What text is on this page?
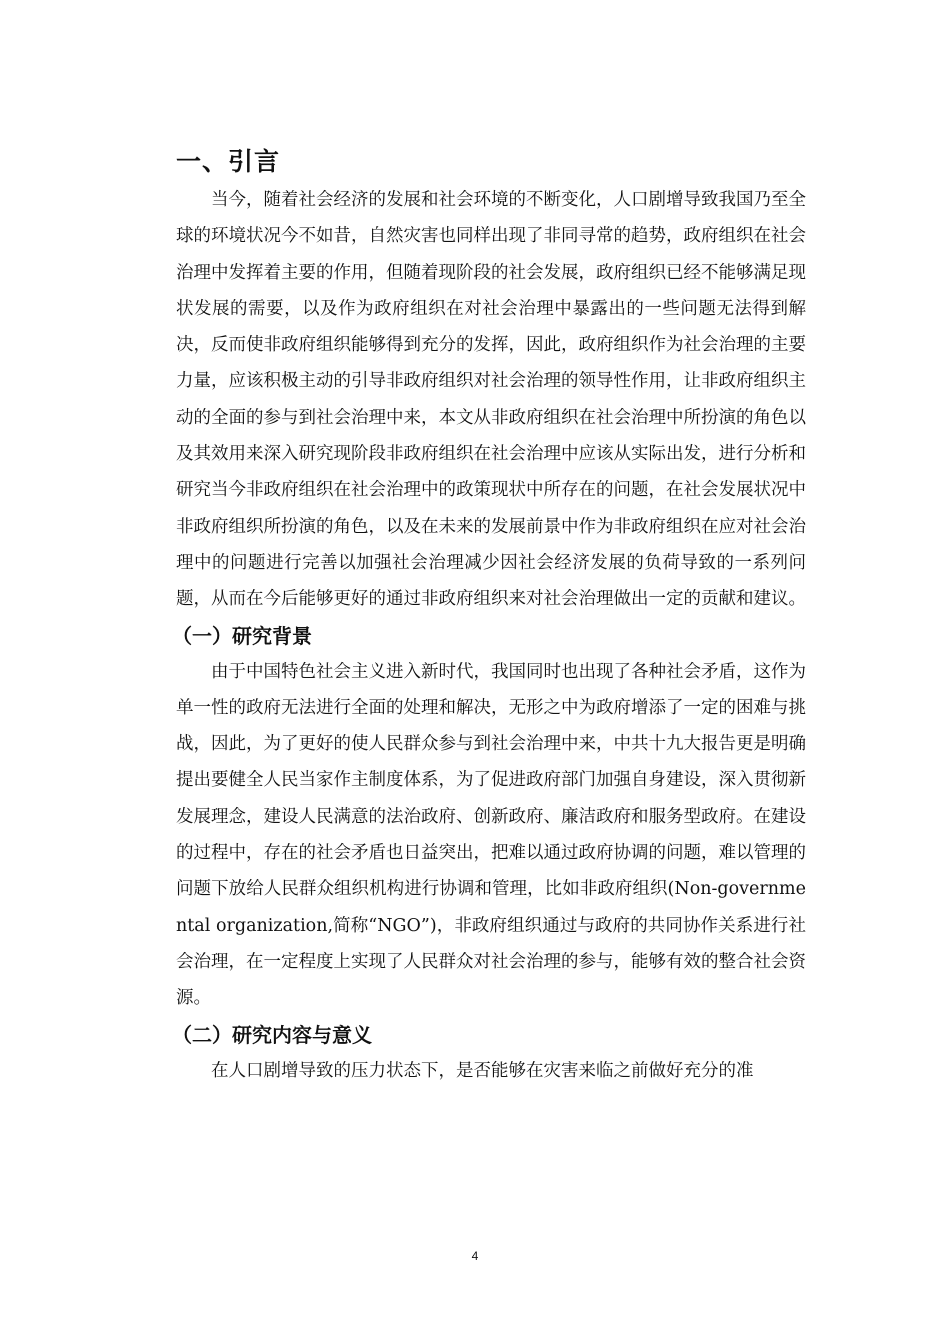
一、引言

当今，随着社会经济的发展和社会环境的不断变化，人口剧增导致我国乃至全球的环境状况今不如昔，自然灾害也同样出现了非同寻常的趋势，政府组织在社会治理中发挥着主要的作用，但随着现阶段的社会发展，政府组织已经不能够满足现状发展的需要，以及作为政府组织在对社会治理中暴露出的一些问题无法得到解决，反而使非政府组织能够得到充分的发挥，因此，政府组织作为社会治理的主要力量，应该积极主动的引导非政府组织对社会治理的领导性作用，让非政府组织主动的全面的参与到社会治理中来，本文从非政府组织在社会治理中所扮演的角色以及其效用来深入研究现阶段非政府组织在社会治理中应该从实际出发，进行分析和研究当今非政府组织在社会治理中的政策现状中所存在的问题，在社会发展状况中非政府组织所扮演的角色，以及在未来的发展前景中作为非政府组织在应对社会治理中的问题进行完善以加强社会治理减少因社会经济发展的负荷导致的一系列问题，从而在今后能够更好的通过非政府组织来对社会治理做出一定的贡献和建议。

（一）研究背景

由于中国特色社会主义进入新时代，我国同时也出现了各种社会矛盾，这作为单一性的政府无法进行全面的处理和解决，无形之中为政府增添了一定的困难与挑战，因此，为了更好的使人民群众参与到社会治理中来，中共十九大报告更是明确提出要健全人民当家作主制度体系，为了促进政府部门加强自身建设，深入贯彻新发展理念，建设人民满意的法治政府、创新政府、廉洁政府和服务型政府。在建设的过程中，存在的社会矛盾也日益突出，把难以通过政府协调的问题，难以管理的问题下放给人民群众组织机构进行协调和管理，比如非政府组织(Non-governmental organization,简称“NGO”)，非政府组织通过与政府的共同协作关系进行社会治理，在一定程度上实现了人民群众对社会治理的参与，能够有效的整合社会资源。

（二）研究内容与意义

在人口剧增导致的压力状态下，是否能够在灾害来临之前做好充分的准

4
